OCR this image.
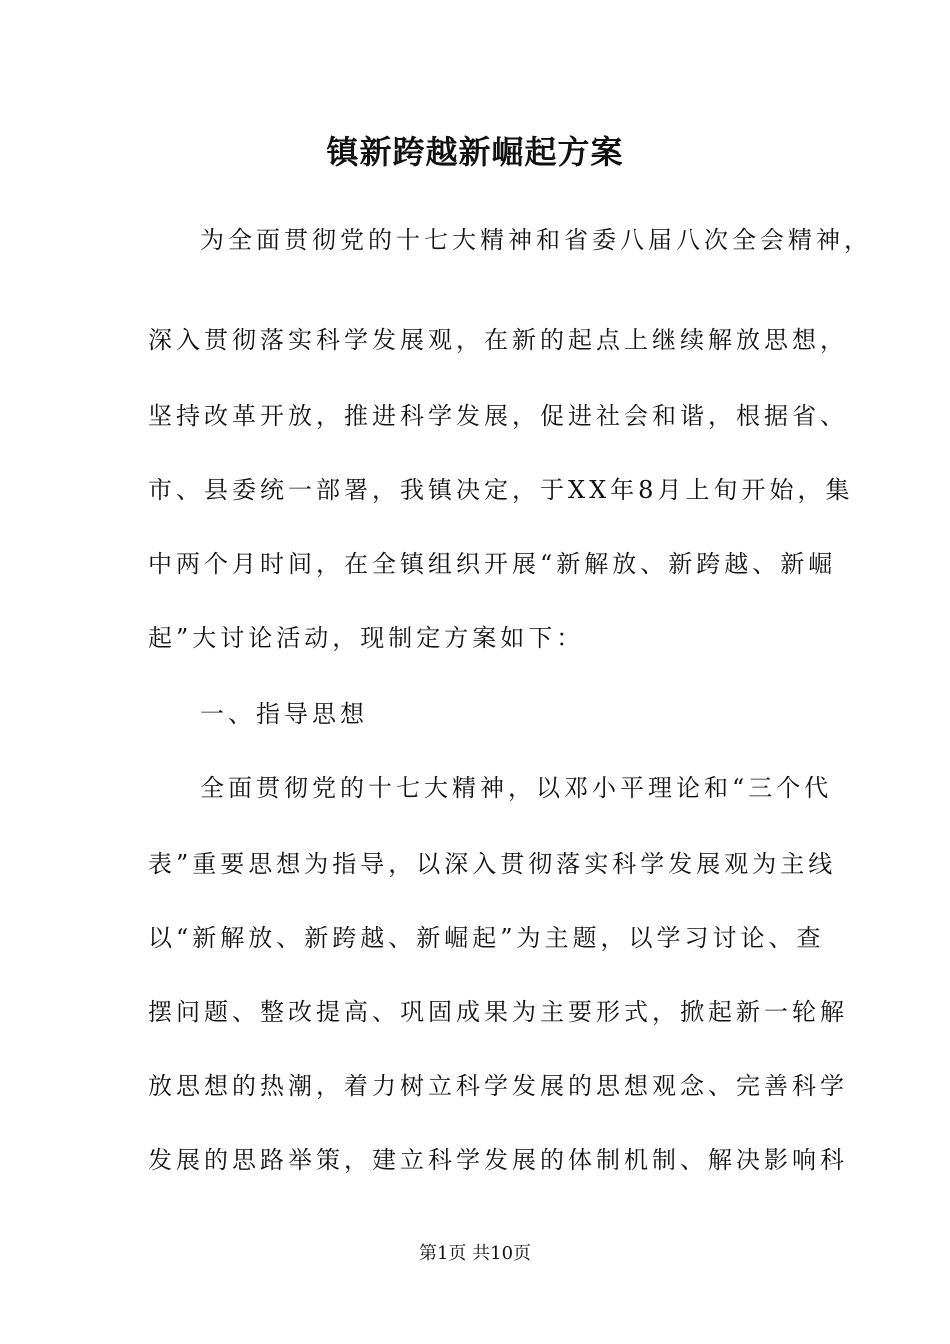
镇新跨越新崛起方案
为全面贯彻党的十七大精神和省委八届八次全会精神，
深入贯彻落实科学发展观，在新的起点上继续解放思想，
坚持改革开放，推进科学发展，促进社会和谐，根据省、
市、县委统一部署，我镇决定，于XX年8月上旬开始，集
中两个月时间，在全镇组织开展“新解放、新跨越、新崛
起”大讨论活动，现制定方案如下：
一、指导思想
全面贯彻党的十七大精神，以邓小平理论和“三个代
表”重要思想为指导，以深入贯彻落实科学发展观为主线
以“新解放、新跨越、新崛起”为主题，以学习讨论、查
摆问题、整改提高、巩固成果为主要形式，掀起新一轮解
放思想的热潮，着力树立科学发展的思想观念、完善科学
发展的思路举策，建立科学发展的体制机制、解决影响科
第1页 共10页
